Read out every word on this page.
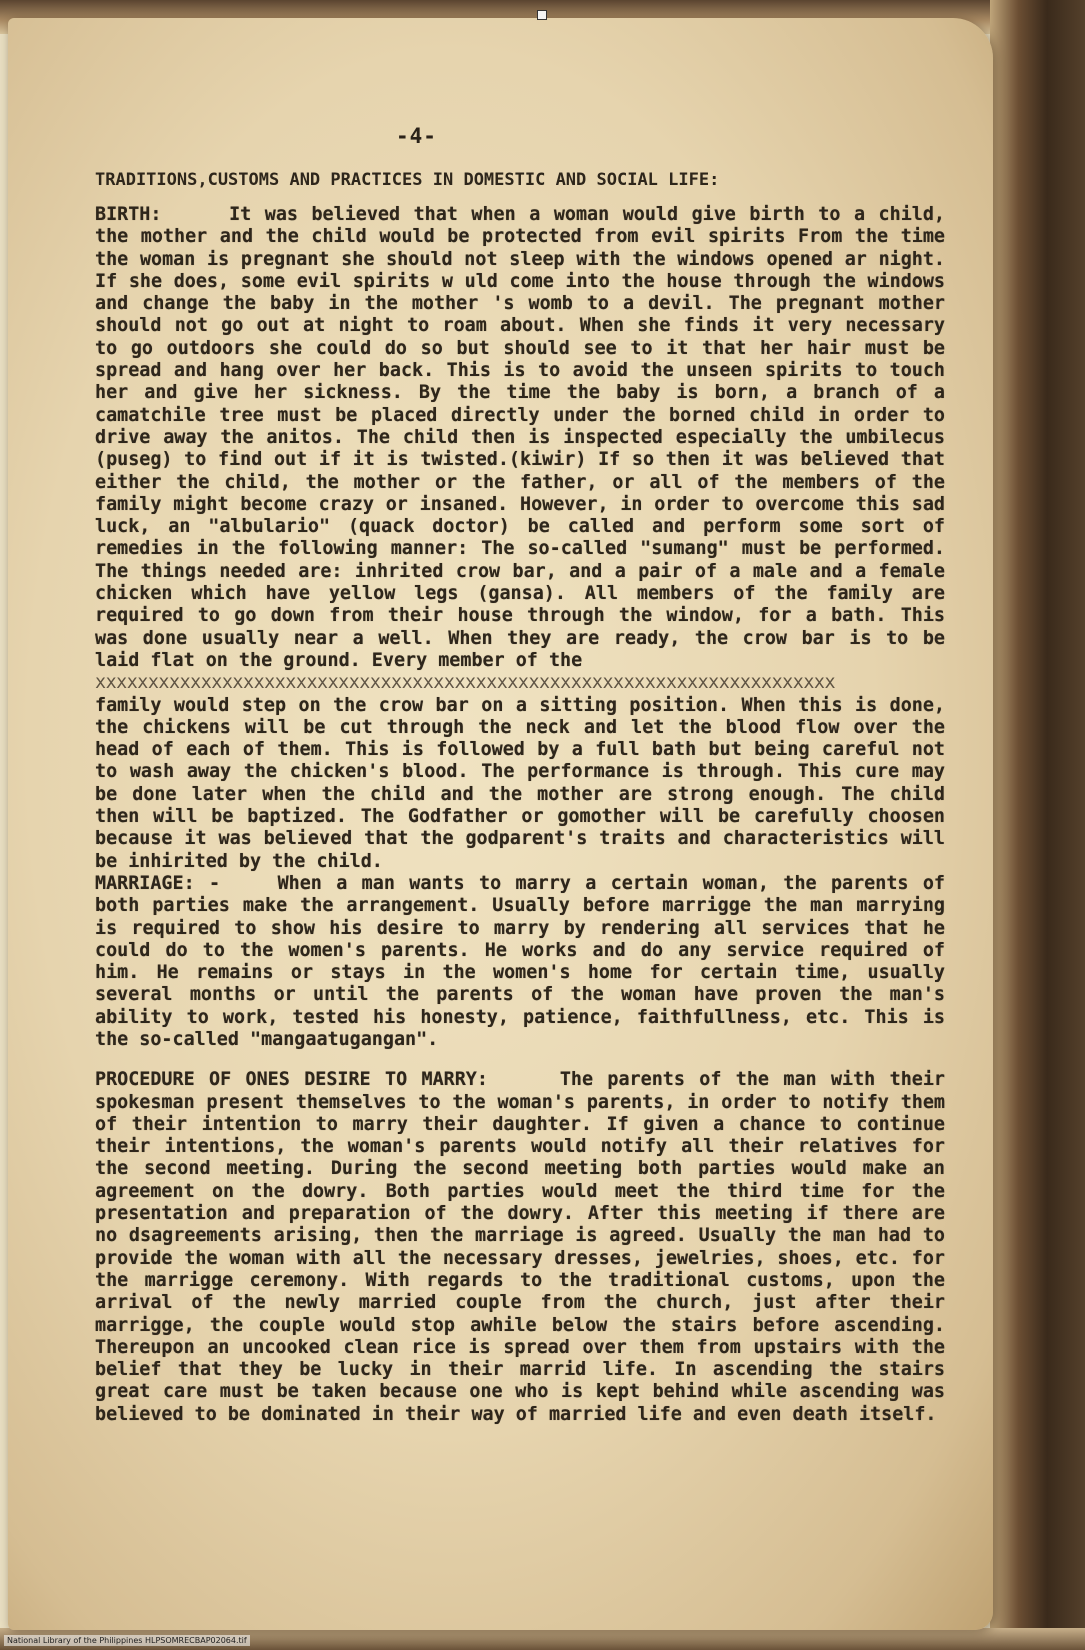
-4-
TRADITIONS,CUSTOMS AND PRACTICES IN DOMESTIC AND SOCIAL LIFE:

BIRTH:	It was believed that when a woman would give birth to a child, the mother and the child would be protected from evil spirits From the time the woman is pregnant she should not sleep with the windows opened ar night. If she does, some evil spirits w uld come into the house through the windows and change the baby in the mother 's womb to a devil. The pregnant mother should not go out at night to roam about. When she finds it very necessary to go outdoors she could do so but should see to it that her hair must be spread and hang over her back. This is to avoid the unseen spirits to touch her and give her sickness. By the time the baby is born, a branch of a camatchile tree must be placed directly under the borned child in order to drive away the anitos. The child then is inspected especially the umbilecus (puseg) to find out if it is twisted.(kiwir) If so then it was believed that either the child, the mother or the father, or all of the members of the family might become crazy or insaned. However, in order to overcome this sad luck, an "albulario" (quack doctor) be called and perform some sort of remedies in the following manner: The so-called "sumang" must be performed. The things needed are: inhrited crow bar, and a pair of a male and a female chicken which have yellow legs (gansa). All members of the family are required to go down from their house through the window, for a bath. This was done usually near a well. When they are ready, the crow bar is to be laid flat on the ground. Every member of the

xxxxxxxxxxxxxxxxxxxxxxxxxxxxxxxxxxxxxxxxxxxxxxxxxxxxxxxxxxxxxxxxxxxxxx

family would step on the crow bar on a sitting position. When this is done, the chickens will be cut through the neck and let the blood flow over the head of each of them. This is followed by a full bath but being careful not to wash away the chicken's blood. The performance is through. This cure may be done later when the child and the mother are strong enough. The child then will be baptized. The Godfather or gomother will be carefully choosen because it was believed that the godparent's traits and characteristics will be inhirited by the child.

MARRIAGE: -	When a man wants to marry a certain woman, the parents of both parties make the arrangement. Usually before marrigge the man marrying is required to show his desire to marry by rendering all services that he could do to the women's parents. He works and do any service required of him. He remains or stays in the women's home for certain time, usually several months or until the parents of the woman have proven the man's ability to work, tested his honesty, patience, faithfullness, etc. This is the so-called "mangaatugangan".

PROCEDURE OF ONES DESIRE TO MARRY:	The parents of the man with their spokesman present themselves to the woman's parents, in order to notify them of their intention to marry their daughter. If given a chance to continue their intentions, the woman's parents would notify all their relatives for the second meeting. During the second meeting both parties would make an agreement on the dowry. Both parties would meet the third time for the presentation and preparation of the dowry. After this meeting if there are no dsagreements arising, then the marriage is agreed. Usually the man had to provide the woman with all the necessary dresses, jewelries, shoes, etc. for the marrigge ceremony. With regards to the traditional customs, upon the arrival of the newly married couple from the church, just after their marrigge, the couple would stop awhile below the stairs before ascending. Thereupon an uncooked clean rice is spread over them from upstairs with the belief that they be lucky in their marrid life. In ascending the stairs great care must be taken because one who is kept behind while ascending was believed to be dominated in their way of married life and even death itself.

National Library of the Philippines HLPSOMRECBAP02064.tif
